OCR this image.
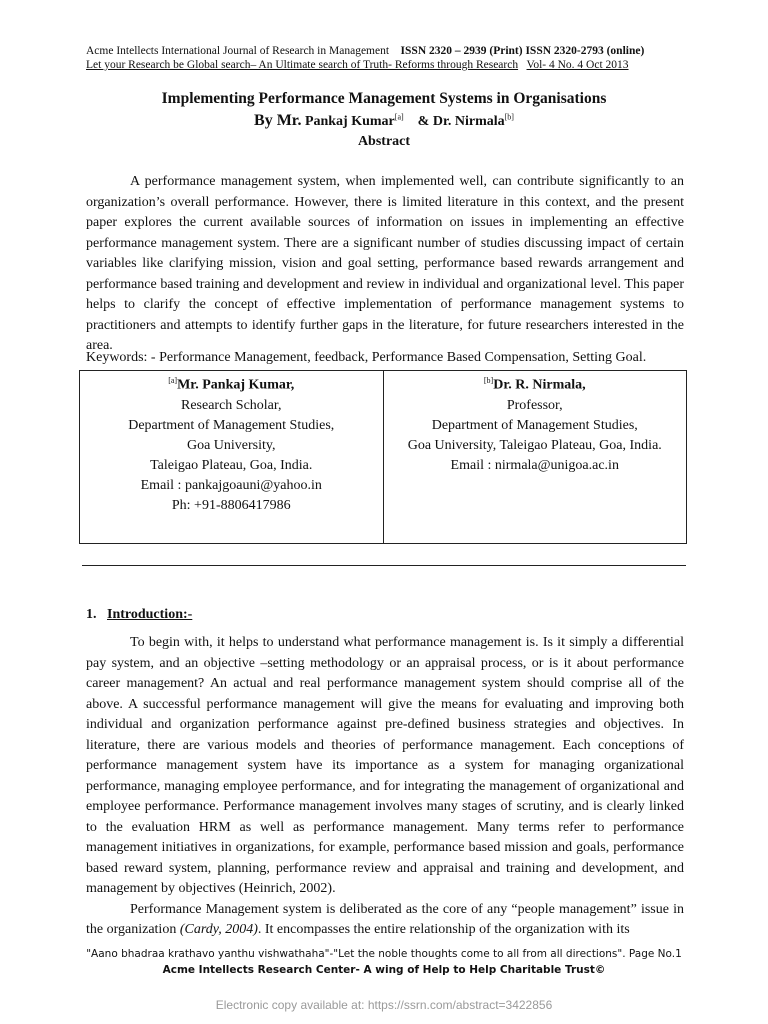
Acme Intellects International Journal of Research in Management ISSN 2320 – 2939 (Print) ISSN 2320-2793 (online)
Let your Research be Global search– An Ultimate search of Truth- Reforms through Research Vol- 4 No. 4 Oct 2013
Implementing Performance Management Systems in Organisations
By Mr. Pankaj Kumar[a] & Dr. Nirmala[b]
Abstract

A performance management system, when implemented well, can contribute significantly to an organization’s overall performance. However, there is limited literature in this context, and the present paper explores the current available sources of information on issues in implementing an effective performance management system. There are a significant number of studies discussing impact of certain variables like clarifying mission, vision and goal setting, performance based rewards arrangement and performance based training and development and review in individual and organizational level. This paper helps to clarify the concept of effective implementation of performance management systems to practitioners and attempts to identify further gaps in the literature, for future researchers interested in the area.

Keywords: - Performance Management, feedback, Performance Based Compensation, Setting Goal.
[a]Mr. Pankaj Kumar,
Research Scholar,
Department of Management Studies,
Goa University,
Taleigao Plateau, Goa, India.
Email : pankajgoauni@yahoo.in
Ph: +91-8806417986
[b]Dr. R. Nirmala,
Professor,
Department of Management Studies,
Goa University, Taleigao Plateau, Goa, India.
Email : nirmala@unigoa.ac.in
1. Introduction:-

To begin with, it helps to understand what performance management is. Is it simply a differential pay system, and an objective –setting methodology or an appraisal process, or is it about performance career management? An actual and real performance management system should comprise all of the above. A successful performance management will give the means for evaluating and improving both individual and organization performance against pre-defined business strategies and objectives. In literature, there are various models and theories of performance management. Each conceptions of performance management system have its importance as a system for managing organizational performance, managing employee performance, and for integrating the management of organizational and employee performance. Performance management involves many stages of scrutiny, and is clearly linked to the evaluation HRM as well as performance management. Many terms refer to performance management initiatives in organizations, for example, performance based mission and goals, performance based reward system, planning, performance review and appraisal and training and development, and management by objectives (Heinrich, 2002).

Performance Management system is deliberated as the core of any “people management” issue in the organization (Cardy, 2004). It encompasses the entire relationship of the organization with its

"Aano bhadraa krathavo yanthu vishwathaha"-"Let the noble thoughts come to all from all directions". Page No.1
Acme Intellects Research Center- A wing of Help to Help Charitable Trust©
Electronic copy available at: https://ssrn.com/abstract=3422856
